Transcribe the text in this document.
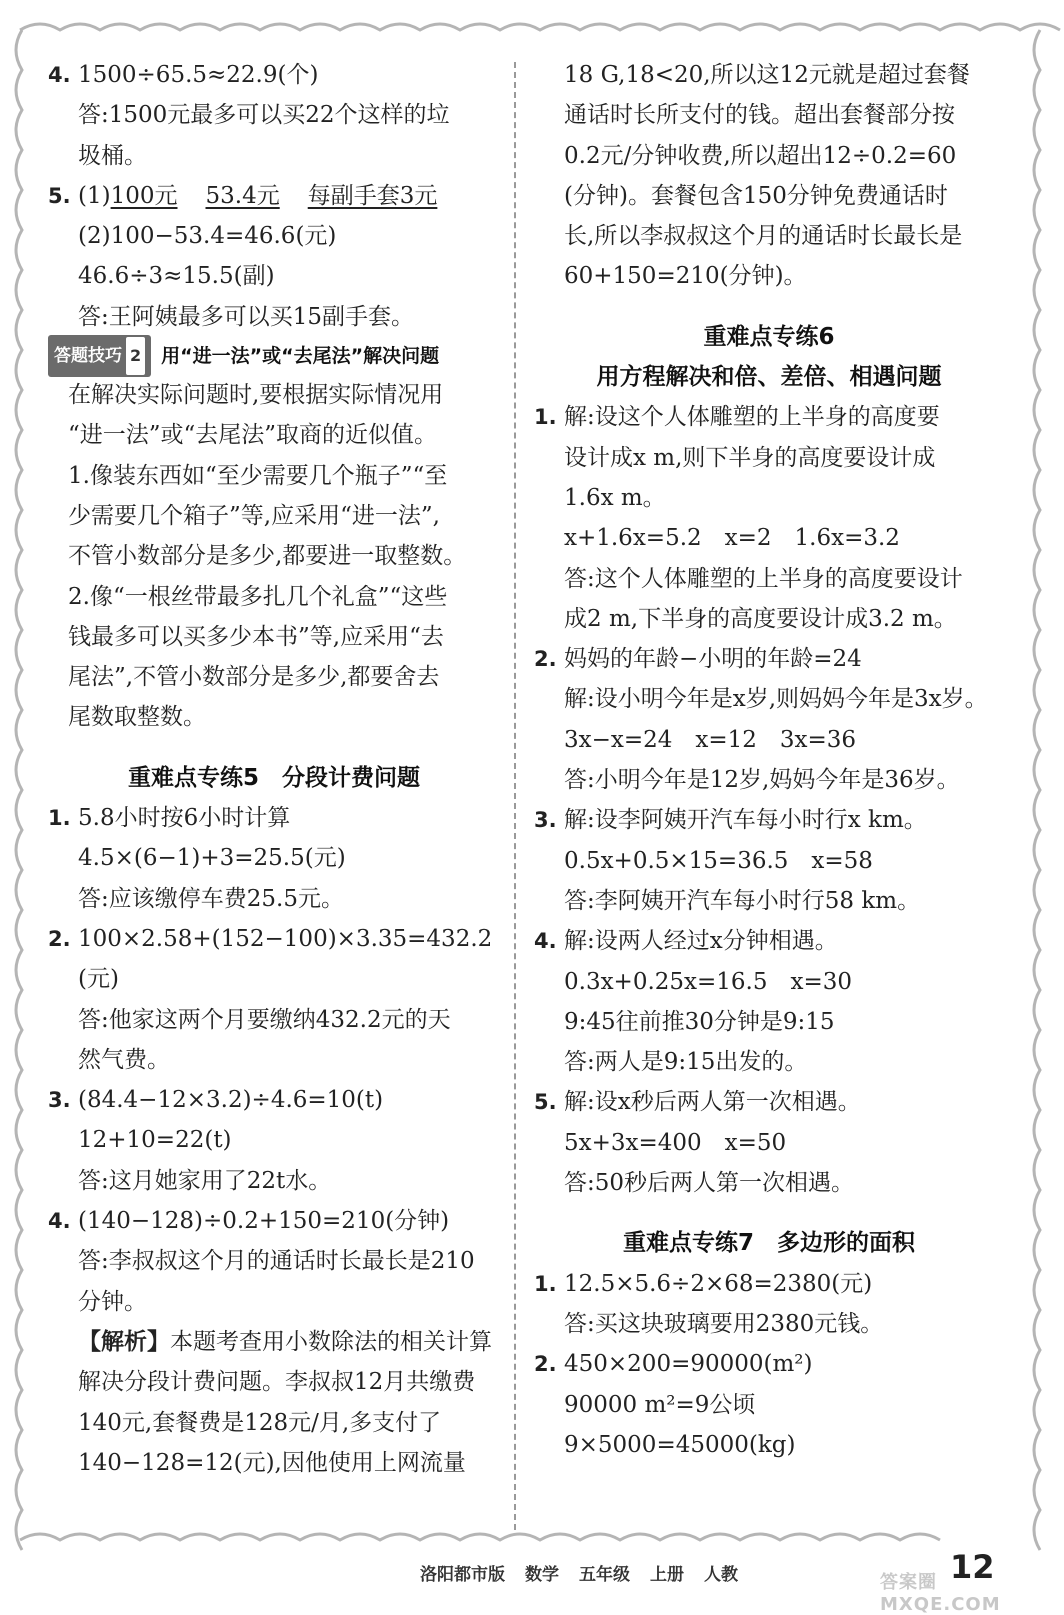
4. 1500÷65.5≈22.9(个)
答:1500元最多可以买22个这样的垃
圾桶。
5. (1)100元 53.4元 每副手套3元
(2)100−53.4=46.6(元)
46.6÷3≈15.5(副)
答:王阿姨最多可以买15副手套。
答题技巧 2 用“进一法”或“去尾法”解决问题
在解决实际问题时,要根据实际情况用
“进一法”或“去尾法”取商的近似值。
1.像装东西如“至少需要几个瓶子”“至
少需要几个箱子”等,应采用“进一法”,
不管小数部分是多少,都要进一取整数。
2.像“一根丝带最多扎几个礼盒”“这些
钱最多可以买多少本书”等,应采用“去
尾法”,不管小数部分是多少,都要舍去
尾数取整数。
重难点专练5　分段计费问题
1. 5.8小时按6小时计算
4.5×(6−1)+3=25.5(元)
答:应该缴停车费25.5元。
2. 100×2.58+(152−100)×3.35=432.2
(元)
答:他家这两个月要缴纳432.2元的天
然气费。
3. (84.4−12×3.2)÷4.6=10(t)
12+10=22(t)
答:这月她家用了22t水。
4. (140−128)÷0.2+150=210(分钟)
答:李叔叔这个月的通话时长最长是210
分钟。
【解析】本题考查用小数除法的相关计算
解决分段计费问题。李叔叔12月共缴费
140元,套餐费是128元/月,多支付了
140−128=12(元),因他使用上网流量
18 G,18<20,所以这12元就是超过套餐
通话时长所支付的钱。超出套餐部分按
0.2元/分钟收费,所以超出12÷0.2=60
(分钟)。套餐包含150分钟免费通话时
长,所以李叔叔这个月的通话时长最长是
60+150=210(分钟)。
重难点专练6
用方程解决和倍、差倍、相遇问题
1. 解:设这个人体雕塑的上半身的高度要
设计成x m,则下半身的高度要设计成
1.6x m。
x+1.6x=5.2　x=2　1.6x=3.2
答:这个人体雕塑的上半身的高度要设计
成2 m,下半身的高度要设计成3.2 m。
2. 妈妈的年龄−小明的年龄=24
解:设小明今年是x岁,则妈妈今年是3x岁。
3x−x=24　x=12　3x=36
答:小明今年是12岁,妈妈今年是36岁。
3. 解:设李阿姨开汽车每小时行x km。
0.5x+0.5×15=36.5　x=58
答:李阿姨开汽车每小时行58 km。
4. 解:设两人经过x分钟相遇。
0.3x+0.25x=16.5　x=30
9:45往前推30分钟是9:15
答:两人是9:15出发的。
5. 解:设x秒后两人第一次相遇。
5x+3x=400　x=50
答:50秒后两人第一次相遇。
重难点专练7　多边形的面积
1. 12.5×5.6÷2×68=2380(元)
答:买这块玻璃要用2380元钱。
2. 450×200=90000(m²)
90000 m²=9公顷
9×5000=45000(kg)
洛阳都市版 数学 五年级 上册 人教	12
答案圈 MXQE.COM
